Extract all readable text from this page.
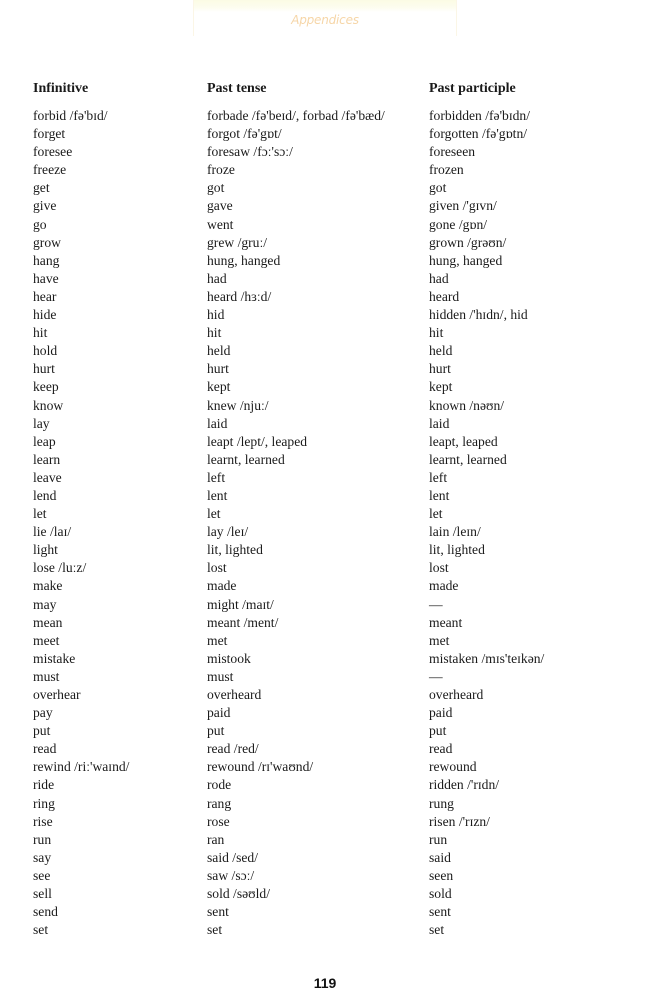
Appendices
Infinitive	Past tense	Past participle
forbid /fə'bɪd/	forbade /fə'beɪd/, forbad /fə'bæd/	forbidden /fə'bɪdn/
forget	forgot /fə'gɒt/	forgotten /fə'gɒtn/
foresee	foresaw /fɔː'sɔː/	foreseen
freeze	froze	frozen
get	got	got
give	gave	given /'gɪvn/
go	went	gone /gɒn/
grow	grew /gruː/	grown /grəʊn/
hang	hung, hanged	hung, hanged
have	had	had
hear	heard /hɜːd/	heard
hide	hid	hidden /'hɪdn/, hid
hit	hit	hit
hold	held	held
hurt	hurt	hurt
keep	kept	kept
know	knew /njuː/	known /nəʊn/
lay	laid	laid
leap	leapt /lept/, leaped	leapt, leaped
learn	learnt, learned	learnt, learned
leave	left	left
lend	lent	lent
let	let	let
lie /laɪ/	lay /leɪ/	lain /leɪn/
light	lit, lighted	lit, lighted
lose /luːz/	lost	lost
make	made	made
may	might /maɪt/	—
mean	meant /ment/	meant
meet	met	met
mistake	mistook	mistaken /mɪs'teɪkən/
must	must	—
overhear	overheard	overheard
pay	paid	paid
put	put	put
read	read /red/	read
rewind /riː'waɪnd/	rewound /rɪ'waʊnd/	rewound
ride	rode	ridden /'rɪdn/
ring	rang	rung
rise	rose	risen /'rɪzn/
run	ran	run
say	said /sed/	said
see	saw /sɔː/	seen
sell	sold /səʊld/	sold
send	sent	sent
set	set	set
119
